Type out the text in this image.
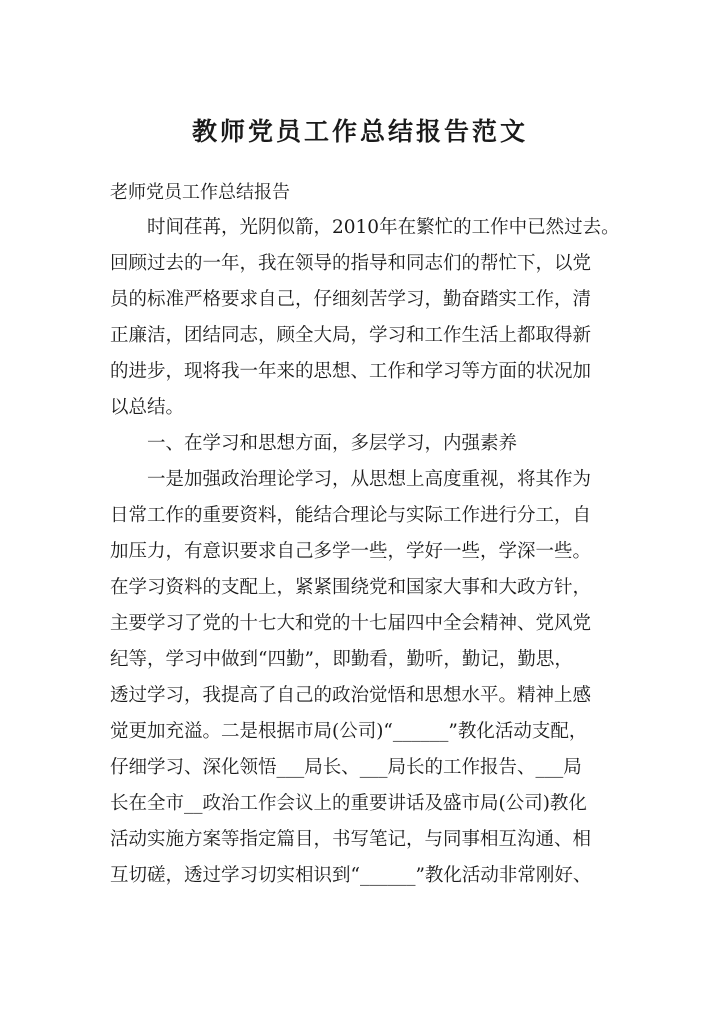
教师党员工作总结报告范文

老师党员工作总结报告

时间荏苒，光阴似箭，2010年在繁忙的工作中已然过去。
回顾过去的一年，我在领导的指导和同志们的帮忙下，以党
员的标准严格要求自己，仔细刻苦学习，勤奋踏实工作，清
正廉洁，团结同志，顾全大局，学习和工作生活上都取得新
的进步，现将我一年来的思想、工作和学习等方面的状况加
以总结。
一、在学习和思想方面，多层学习，内强素养
一是加强政治理论学习，从思想上高度重视，将其作为
日常工作的重要资料，能结合理论与实际工作进行分工，自
加压力，有意识要求自己多学一些，学好一些，学深一些。
在学习资料的支配上，紧紧围绕党和国家大事和大政方针，
主要学习了党的十七大和党的十七届四中全会精神、党风党
纪等，学习中做到“四勤”，即勤看，勤听，勤记，勤思，
透过学习，我提高了自己的政治觉悟和思想水平。精神上感
觉更加充溢。二是根据市局(公司)“______”教化活动支配，
仔细学习、深化领悟___局长、___局长的工作报告、___局
长在全市__政治工作会议上的重要讲话及盛市局(公司)教化
活动实施方案等指定篇目，书写笔记，与同事相互沟通、相
互切磋，透过学习切实相识到“______”教化活动非常刚好、
